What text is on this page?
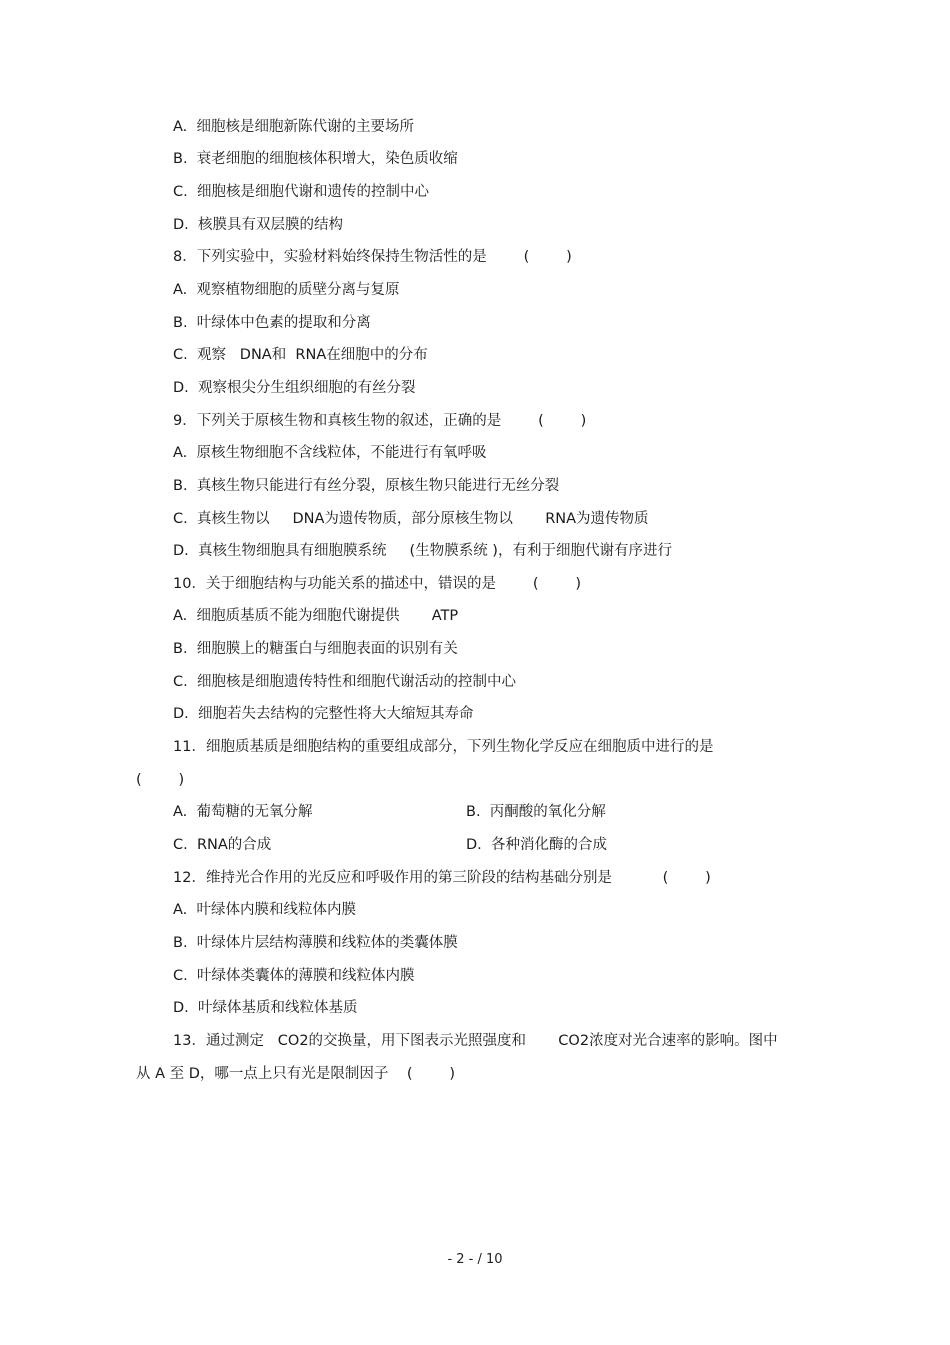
A.  细胞核是细胞新陈代谢的主要场所
B.  衰老细胞的细胞核体积增大，染色质收缩
C.  细胞核是细胞代谢和遗传的控制中心
D.  核膜具有双层膜的结构
8．下列实验中，实验材料始终保持生物活性的是        (        )
A.  观察植物细胞的质壁分离与复原
B.  叶绿体中色素的提取和分离
C.  观察   DNA和  RNA在细胞中的分布
D.  观察根尖分生组织细胞的有丝分裂
9．下列关于原核生物和真核生物的叙述，正确的是        (        )
A.  原核生物细胞不含线粒体，不能进行有氧呼吸
B.  真核生物只能进行有丝分裂，原核生物只能进行无丝分裂
C.  真核生物以     DNA为遗传物质，部分原核生物以       RNA为遗传物质
D.  真核生物细胞具有细胞膜系统     (生物膜系统 )，有利于细胞代谢有序进行
10．关于细胞结构与功能关系的描述中，错误的是        (        )
A.  细胞质基质不能为细胞代谢提供       ATP
B.  细胞膜上的糖蛋白与细胞表面的识别有关
C.  细胞核是细胞遗传特性和细胞代谢活动的控制中心
D.  细胞若失去结构的完整性将大大缩短其寿命
11．细胞质基质是细胞结构的重要组成部分，下列生物化学反应在细胞质中进行的是
(        )
A.  葡萄糖的无氧分解	B.  丙酮酸的氧化分解
C.  RNA的合成	D.  各种消化酶的合成
12．维持光合作用的光反应和呼吸作用的第三阶段的结构基础分别是           (        )
A.  叶绿体内膜和线粒体内膜
B.  叶绿体片层结构薄膜和线粒体的类囊体膜
C.  叶绿体类囊体的薄膜和线粒体内膜
D.  叶绿体基质和线粒体基质
13．通过测定   CO2的交换量，用下图表示光照强度和       CO2浓度对光合速率的影响。图中
从 A 至 D，哪一点上只有光是限制因子    (        )
- 2 - / 10
